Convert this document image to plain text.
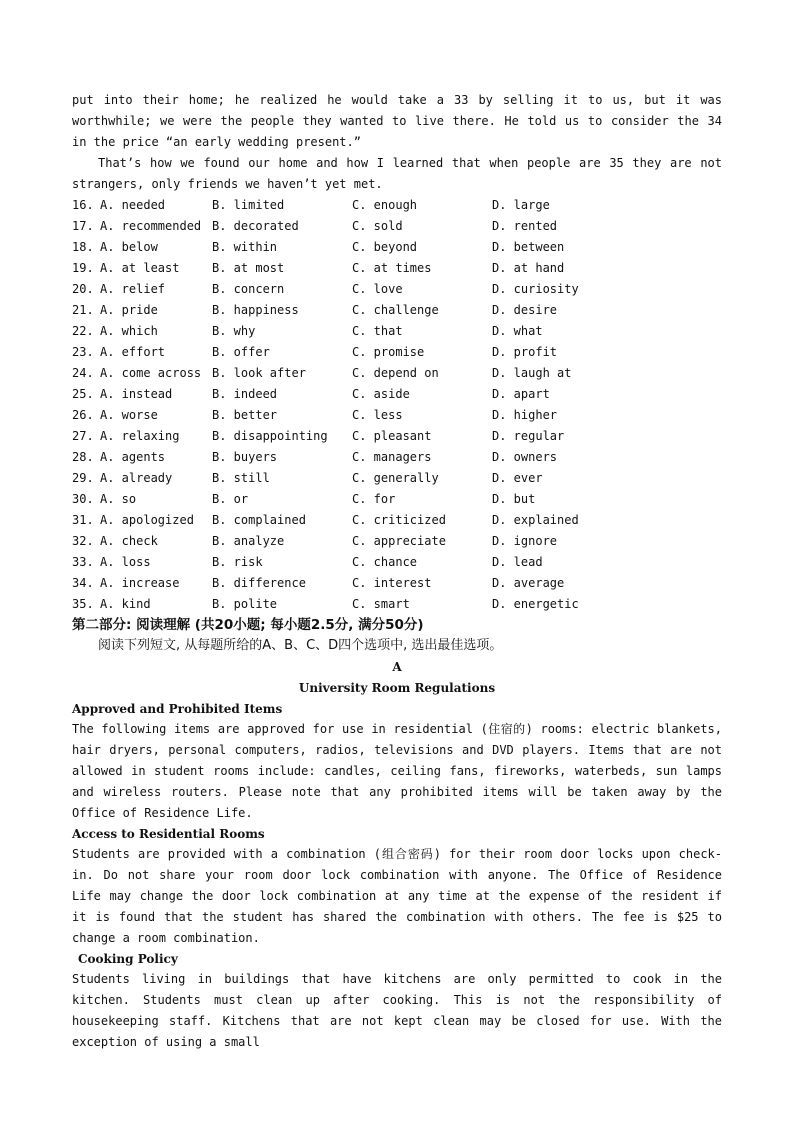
put into their home; he realized he would take a 33 by selling it to us, but it was worthwhile; we were the people they wanted to live there. He told us to consider the 34 in the price “an early wedding present.”

That’s how we found our home and how I learned that when people are 35 they are not strangers, only friends we haven’t yet met.

16. A. needed	B. limited	C. enough	D. large
17. A. recommended B. decorated	C. sold	D. rented
18. A. below	B. within	C. beyond	D. between
19. A. at least	B. at most	C. at times	D. at hand
20. A. relief	B. concern	C. love	D. curiosity
21. A. pride	B. happiness	C. challenge	D. desire
22. A. which	B. why	C. that	D. what
23. A. effort	B. offer	C. promise	D. profit
24. A. come across B. look after	C. depend on	D. laugh at
25. A. instead	B. indeed	C. aside	D. apart
26. A. worse	B. better	C. less	D. higher
27. A. relaxing	B. disappointing C. pleasant	D. regular
28. A. agents	B. buyers	C. managers	D. owners
29. A. already	B. still	C. generally	D. ever
30. A. so	B. or	C. for	D. but
31. A. apologized B. complained	C. criticized	D. explained
32. A. check	B. analyze	C. appreciate	D. ignore
33. A. loss	B. risk	C. chance	D. lead
34. A. increase	B. difference	C. interest	D. average
35. A. kind	B. polite	C. smart	D. energetic

第二部分: 阅读理解 (共20小题; 每小题2.5分, 满分50分)

阅读下列短文, 从每题所给的A、B、C、D四个选项中, 选出最佳选项。

A

University Room Regulations

Approved and Prohibited Items

The following items are approved for use in residential (住宿的) rooms: electric blankets, hair dryers, personal computers, radios, televisions and DVD players. Items that are not allowed in student rooms include: candles, ceiling fans, fireworks, waterbeds, sun lamps and wireless routers. Please note that any prohibited items will be taken away by the Office of Residence Life.

Access to Residential Rooms

Students are provided with a combination (组合密码) for their room door locks upon check-in. Do not share your room door lock combination with anyone. The Office of Residence Life may change the door lock combination at any time at the expense of the resident if it is found that the student has shared the combination with others. The fee is $25 to change a room combination.

Cooking Policy

Students living in buildings that have kitchens are only permitted to cook in the kitchen. Students must clean up after cooking. This is not the responsibility of housekeeping staff. Kitchens that are not kept clean may be closed for use. With the exception of using a small
